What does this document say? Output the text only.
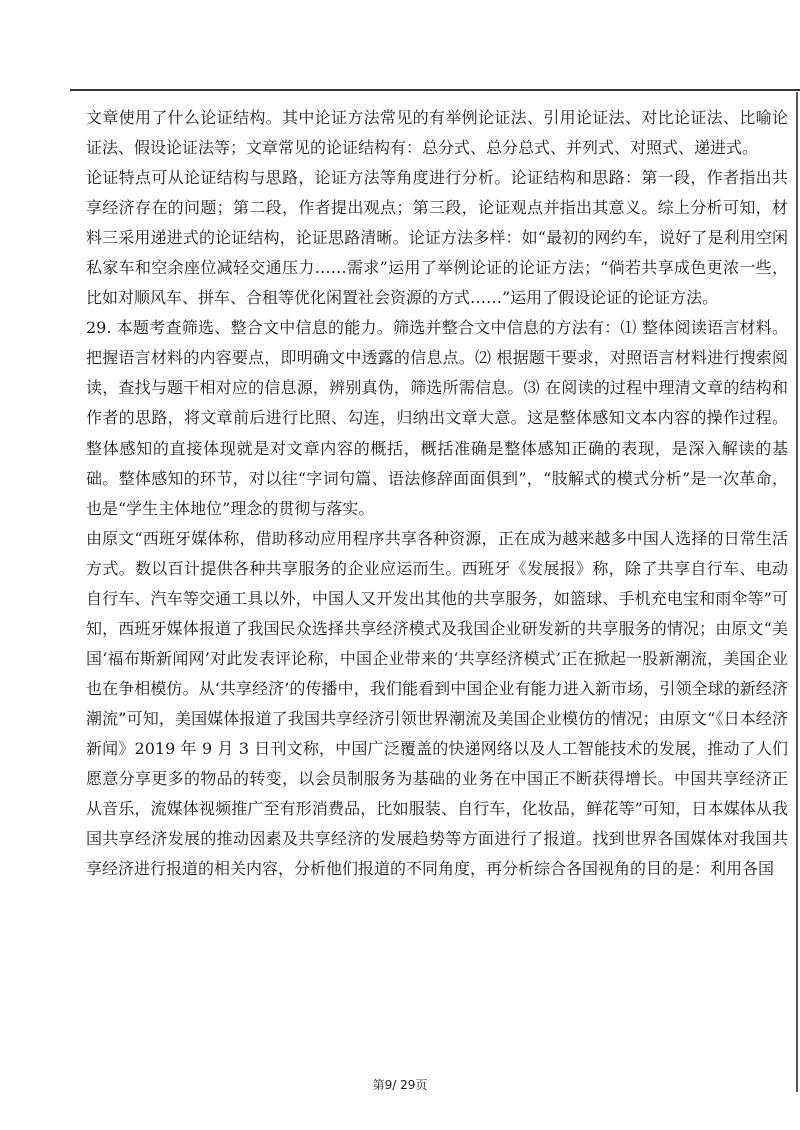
文章使用了什么论证结构。其中论证方法常见的有举例论证法、引用论证法、对比论证法、比喻论证法、假设论证法等；文章常见的论证结构有：总分式、总分总式、并列式、对照式、递进式。

论证特点可从论证结构与思路，论证方法等角度进行分析。论证结构和思路：第一段，作者指出共享经济存在的问题；第二段，作者提出观点；第三段，论证观点并指出其意义。综上分析可知，材料三采用递进式的论证结构，论证思路清晰。论证方法多样：如“最初的网约车，说好了是利用空闲私家车和空余座位减轻交通压力……需求”运用了举例论证的论证方法；“倘若共享成色更浓一些，比如对顺风车、拼车、合租等优化闲置社会资源的方式……”运用了假设论证的论证方法。

29. 本题考查筛选、整合文中信息的能力。筛选并整合文中信息的方法有：⑴ 整体阅读语言材料。把握语言材料的内容要点，即明确文中透露的信息点。⑵ 根据题干要求，对照语言材料进行搜索阅读，查找与题干相对应的信息源，辨别真伪，筛选所需信息。⑶ 在阅读的过程中理清文章的结构和作者的思路，将文章前后进行比照、勾连，归纳出文章大意。这是整体感知文本内容的操作过程。整体感知的直接体现就是对文章内容的概括，概括准确是整体感知正确的表现，是深入解读的基础。整体感知的环节，对以往“字词句篇、语法修辞面面俱到”，“肢解式的模式分析”是一次革命，也是“学生主体地位”理念的贯彻与落实。

由原文“西班牙媒体称，借助移动应用程序共享各种资源，正在成为越来越多中国人选择的日常生活方式。数以百计提供各种共享服务的企业应运而生。西班牙《发展报》称，除了共享自行车、电动自行车、汽车等交通工具以外，中国人又开发出其他的共享服务，如篮球、手机充电宝和雨伞等”可知，西班牙媒体报道了我国民众选择共享经济模式及我国企业研发新的共享服务的情况；由原文“美国‘福布斯新闻网’对此发表评论称，中国企业带来的‘共享经济模式’正在掀起一股新潮流，美国企业也在争相模仿。从‘共享经济’的传播中，我们能看到中国企业有能力进入新市场，引领全球的新经济潮流”可知，美国媒体报道了我国共享经济引领世界潮流及美国企业模仿的情况；由原文“《日本经济新闻》2019 年 9 月 3 日刊文称，中国广泛覆盖的快递网络以及人工智能技术的发展，推动了人们愿意分享更多的物品的转变，以会员制服务为基础的业务在中国正不断获得增长。中国共享经济正从音乐，流媒体视频推广至有形消费品，比如服装、自行车，化妆品，鲜花等”可知，日本媒体从我国共享经济发展的推动因素及共享经济的发展趋势等方面进行了报道。找到世界各国媒体对我国共享经济进行报道的相关内容，分析他们报道的不同角度，再分析综合各国视角的目的是：利用各国

第9/ 29页
